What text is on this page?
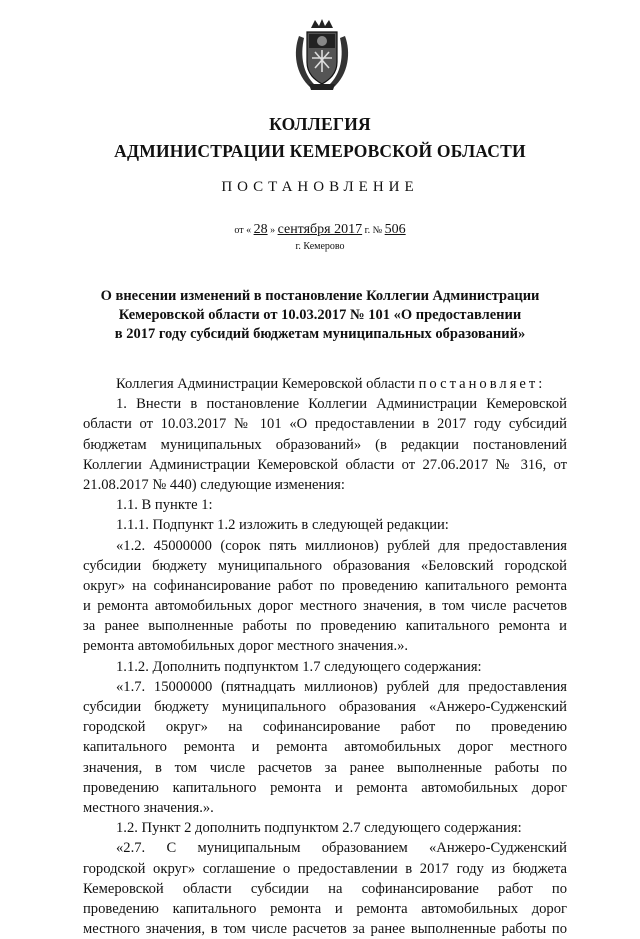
КОЛЛЕГИЯ
АДМИНИСТРАЦИИ КЕМЕРОВСКОЙ ОБЛАСТИ
ПОСТАНОВЛЕНИЕ
от « 28 » сентября 2017 г. № 506
г. Кемерово
О внесении изменений в постановление Коллегии Администрации
Кемеровской области от 10.03.2017 № 101 «О предоставлении
в 2017 году субсидий бюджетам муниципальных образований»
Коллегия Администрации Кемеровской области постановляет:
1. Внести в постановление Коллегии Администрации Кемеровской
области от 10.03.2017 № 101 «О предоставлении в 2017 году субсидий
бюджетам муниципальных образований» (в редакции постановлений
Коллегии Администрации Кемеровской области от 27.06.2017 № 316, от
21.08.2017 № 440) следующие изменения:
1.1. В пункте 1:
1.1.1. Подпункт 1.2 изложить в следующей редакции:
«1.2. 45000000 (сорок пять миллионов) рублей для предоставления
субсидии бюджету муниципального образования «Беловский городской
округ» на софинансирование работ по проведению капитального ремонта
и ремонта автомобильных дорог местного значения, в том числе расчетов
за ранее выполненные работы по проведению капитального ремонта и
ремонта автомобильных дорог местного значения.».
1.1.2. Дополнить подпунктом 1.7 следующего содержания:
«1.7. 15000000 (пятнадцать миллионов) рублей для предоставления
субсидии бюджету муниципального образования «Анжеро-Судженский
городской округ» на софинансирование работ по проведению
капитального ремонта и ремонта автомобильных дорог местного
значения, в том числе расчетов за ранее выполненные работы по
проведению капитального ремонта и ремонта автомобильных дорог
местного значения.».
1.2. Пункт 2 дополнить подпунктом 2.7 следующего содержания:
«2.7. С муниципальным образованием «Анжеро-Судженский
городской округ» соглашение о предоставлении в 2017 году из бюджета
Кемеровской области субсидии на софинансирование работ по
проведению капитального ремонта и ремонта автомобильных дорог
местного значения, в том числе расчетов за ранее выполненные работы по
